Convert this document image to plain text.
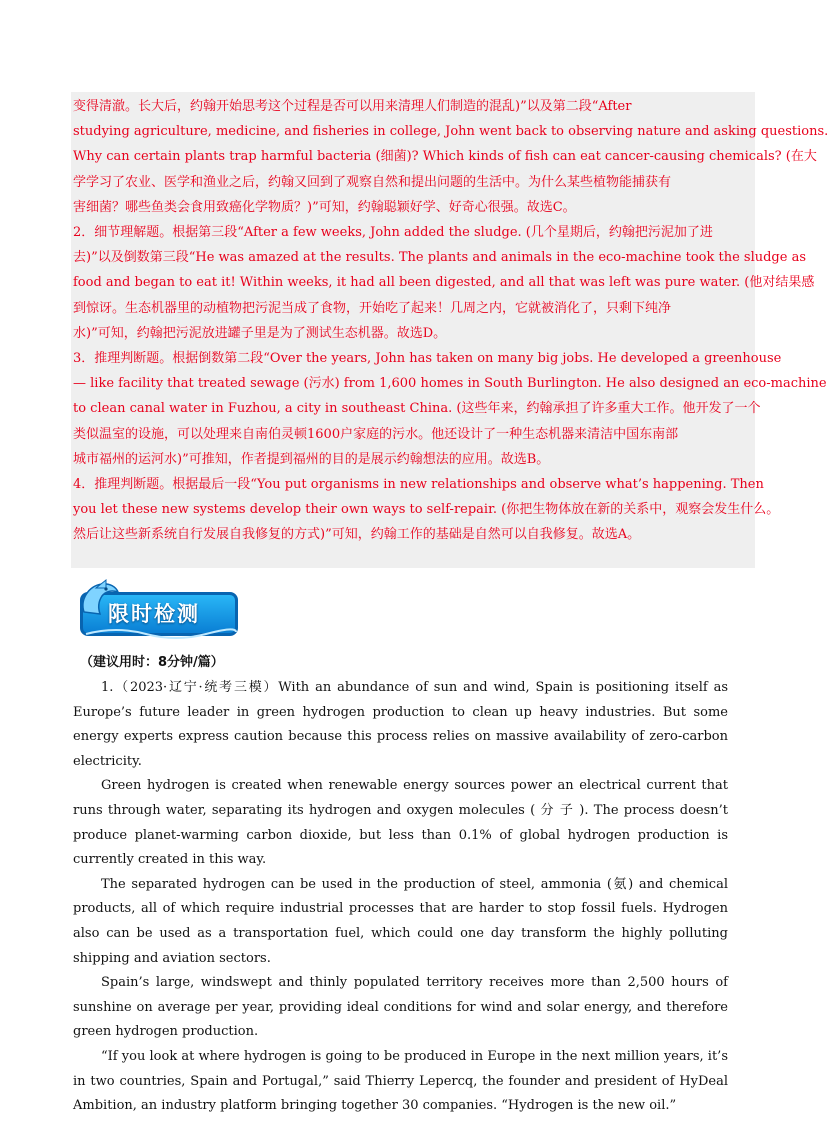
变得清澈。长大后，约翰开始思考这个过程是否可以用来清理人们制造的混乱)”以及第二段“After
studying agriculture, medicine, and fisheries in college, John went back to observing nature and asking questions.
Why can certain plants trap harmful bacteria (细菌)? Which kinds of fish can eat cancer-causing chemicals? (在大
学学习了农业、医学和渔业之后，约翰又回到了观察自然和提出问题的生活中。为什么某些植物能捕获有
害细菌？哪些鱼类会食用致癌化学物质？)”可知，约翰聪颖好学、好奇心很强。故选C。
2．细节理解题。根据第三段“After a few weeks, John added the sludge. (几个星期后，约翰把污泥加了进
去)”以及倒数第三段“He was amazed at the results. The plants and animals in the eco-machine took the sludge as
food and began to eat it! Within weeks, it had all been digested, and all that was left was pure water. (他对结果感
到惊讶。生态机器里的动植物把污泥当成了食物，开始吃了起来！几周之内，它就被消化了，只剩下纯净
水)”可知，约翰把污泥放进罐子里是为了测试生态机器。故选D。
3．推理判断题。根据倒数第二段“Over the years, John has taken on many big jobs. He developed a greenhouse
— like facility that treated sewage (污水) from 1,600 homes in South Burlington. He also designed an eco-machine
to clean canal water in Fuzhou, a city in southeast China. (这些年来，约翰承担了许多重大工作。他开发了一个
类似温室的设施，可以处理来自南伯灵顿1600户家庭的污水。他还设计了一种生态机器来清洁中国东南部
城市福州的运河水)”可推知，作者提到福州的目的是展示约翰想法的应用。故选B。
4．推理判断题。根据最后一段“You put organisms in new relationships and observe what’s happening. Then
you let these new systems develop their own ways to self-repair. (你把生物体放在新的关系中，观察会发生什么。
然后让这些新系统自行发展自我修复的方式)”可知，约翰工作的基础是自然可以自我修复。故选A。
限时检测
（建议用时：8分钟/篇）

1.（2023·辽宁·统考三模）With an abundance of sun and wind, Spain is positioning itself as Europe’s future leader in green hydrogen production to clean up heavy industries. But some energy experts express caution because this process relies on massive availability of zero-carbon electricity.

Green hydrogen is created when renewable energy sources power an electrical current that runs through water, separating its hydrogen and oxygen molecules ( 分 子 ). The process doesn’t produce planet-warming carbon dioxide, but less than 0.1% of global hydrogen production is currently created in this way.

The separated hydrogen can be used in the production of steel, ammonia (氨) and chemical products, all of which require industrial processes that are harder to stop fossil fuels. Hydrogen also can be used as a transportation fuel, which could one day transform the highly polluting shipping and aviation sectors.

Spain’s large, windswept and thinly populated territory receives more than 2,500 hours of sunshine on average per year, providing ideal conditions for wind and solar energy, and therefore green hydrogen production.

“If you look at where hydrogen is going to be produced in Europe in the next million years, it’s in two countries, Spain and Portugal,” said Thierry Lepercq, the founder and president of HyDeal Ambition, an industry platform bringing together 30 companies. “Hydrogen is the new oil.”
